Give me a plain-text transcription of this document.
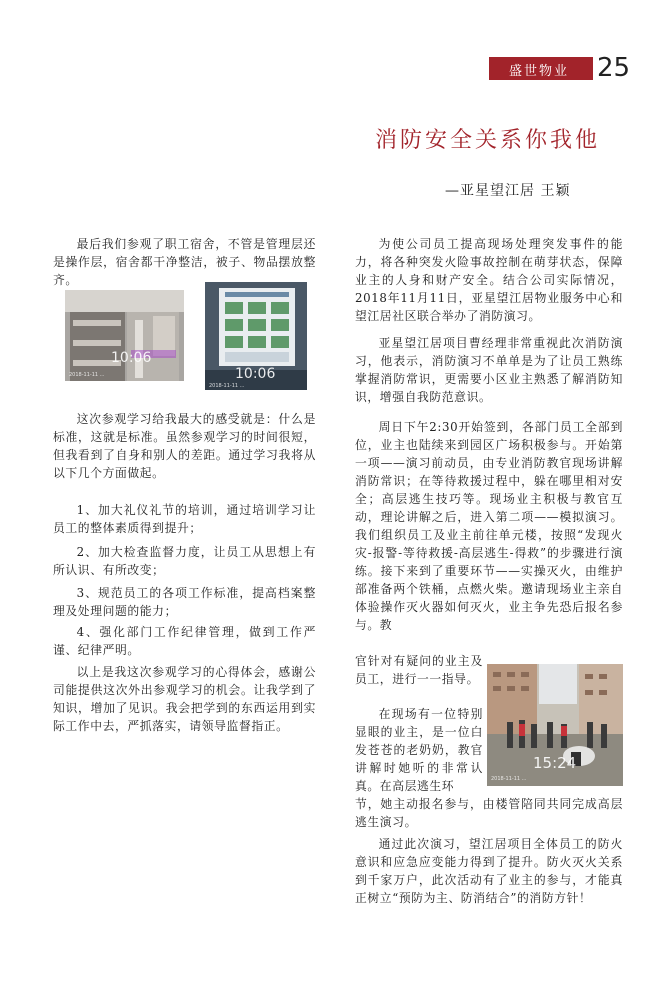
盛世物业 25
消防安全关系你我他
—亚星望江居 王颖

最后我们参观了职工宿舍，不管是管理层还是操作层，宿舍都干净整洁，被子、物品摆放整齐。

10:06
2018-11-11 ...	10:06
2018-11-11 ...

这次参观学习给我最大的感受就是：什么是标准，这就是标准。虽然参观学习的时间很短，但我看到了自身和别人的差距。通过学习我将从以下几个方面做起。

1、加大礼仪礼节的培训，通过培训学习让员工的整体素质得到提升；

2、加大检查监督力度，让员工从思想上有所认识、有所改变；

3、规范员工的各项工作标准，提高档案整理及处理问题的能力；

4、强化部门工作纪律管理，做到工作严谨、纪律严明。

以上是我这次参观学习的心得体会，感谢公司能提供这次外出参观学习的机会。让我学到了知识，增加了见识。我会把学到的东西运用到实际工作中去，严抓落实，请领导监督指正。

为使公司员工提高现场处理突发事件的能力，将各种突发火险事故控制在萌芽状态，保障业主的人身和财产安全。结合公司实际情况，2018年11月11日，亚星望江居物业服务中心和望江居社区联合举办了消防演习。

亚星望江居项目曹经理非常重视此次消防演习，他表示，消防演习不单单是为了让员工熟练掌握消防常识，更需要小区业主熟悉了解消防知识，增强自我防范意识。

周日下午2:30开始签到，各部门员工全部到位，业主也陆续来到园区广场积极参与。开始第一项——演习前动员，由专业消防教官现场讲解消防常识；在等待救援过程中，躲在哪里相对安全；高层逃生技巧等。现场业主积极与教官互动，理论讲解之后，进入第二项——模拟演习。我们组织员工及业主前往单元楼，按照“发现火灾-报警-等待救援-高层逃生-得救”的步骤进行演练。接下来到了重要环节——实操灭火，由维护部准备两个铁桶，点燃火柴。邀请现场业主亲自体验操作灭火器如何灭火，业主争先恐后报名参与。教

官针对有疑问的业主及员工，进行一一指导。

在现场有一位特别显眼的业主，是一位白发苍苍的老奶奶，教官讲解时她听的非常认真。在高层逃生环

节，她主动报名参与，由楼管陪同共同完成高层逃生演习。

通过此次演习，望江居项目全体员工的防火意识和应急应变能力得到了提升。防火灭火关系到千家万户，此次活动有了业主的参与，才能真正树立“预防为主、防消结合”的消防方针！

15:24
2018-11-11 ...
